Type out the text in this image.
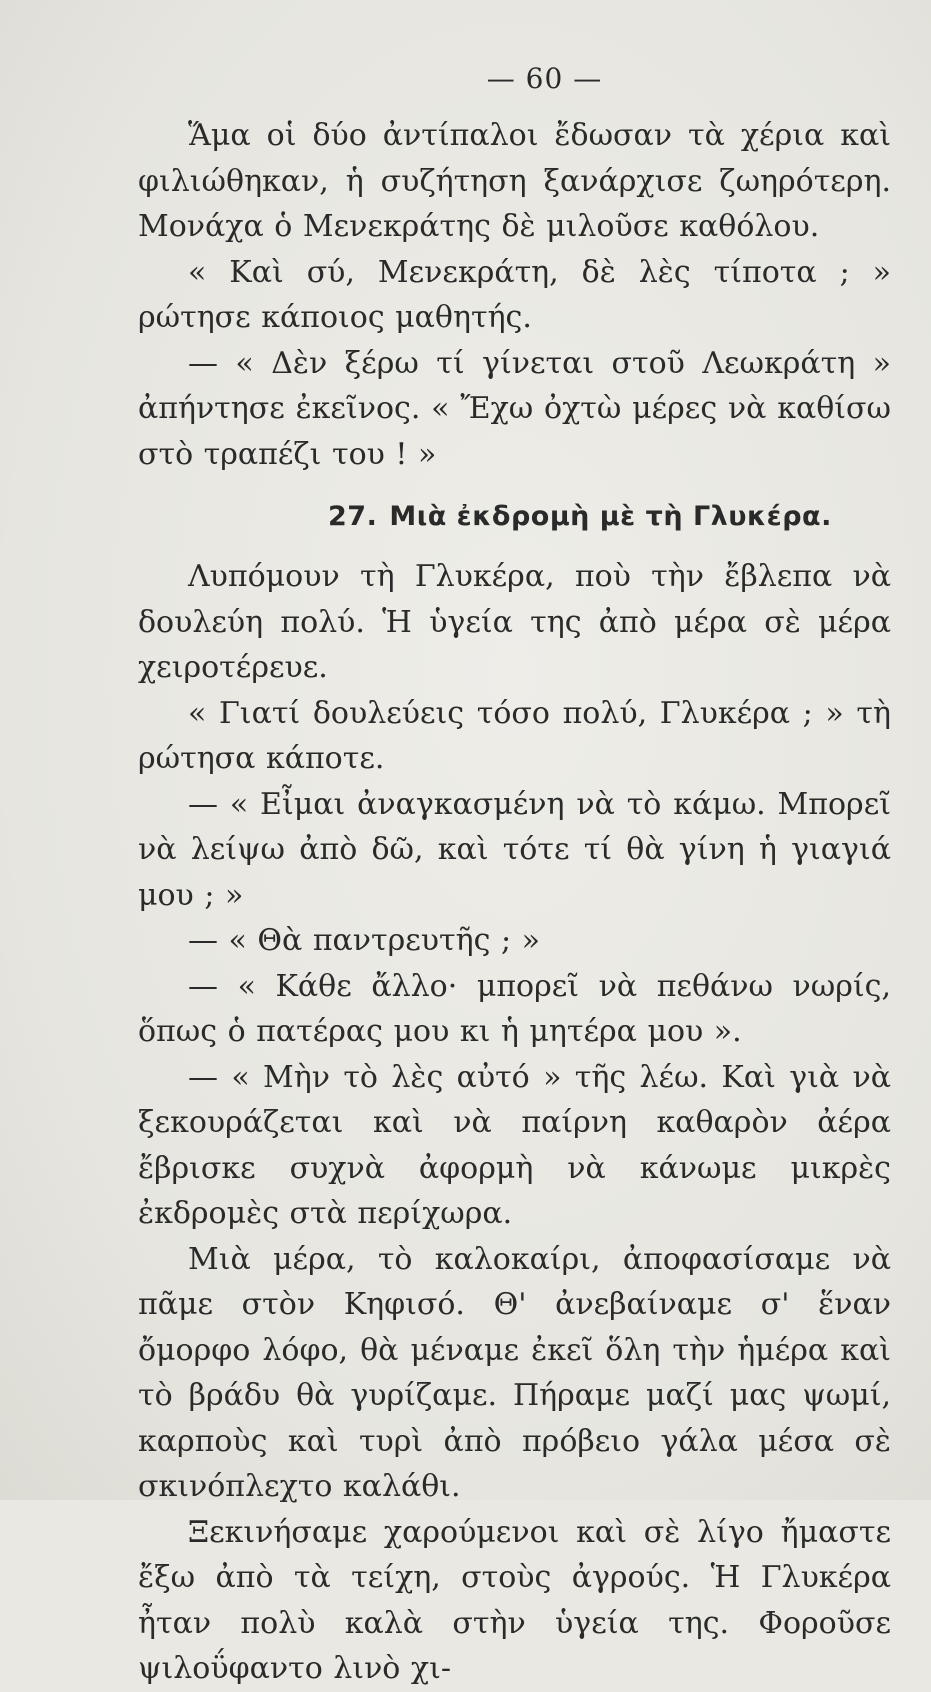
— 60 —

Ἅμα οἱ δύο ἀντίπαλοι ἔδωσαν τὰ χέρια καὶ φιλιώθηκαν, ἡ συζήτηση ξανάρχισε ζωηρότερη. Μονάχα ὁ Μενεκράτης δὲ μιλοῦσε καθόλου.

« Καὶ σύ, Μενεκράτη, δὲ λὲς τίποτα ; » ρώτησε κάποιος μαθητής.

— « Δὲν ξέρω τί γίνεται στοῦ Λεωκράτη » ἀπήντησε ἐκεῖνος. « Ἔχω ὀχτὼ μέρες νὰ καθίσω στὸ τραπέζι του ! »

27. Μιὰ ἐκδρομὴ μὲ τὴ Γλυκέρα.

Λυπόμουν τὴ Γλυκέρα, ποὺ τὴν ἔβλεπα νὰ δουλεύη πολύ. Ἡ ὑγεία της ἀπὸ μέρα σὲ μέρα χειροτέρευε.

« Γιατί δουλεύεις τόσο πολύ, Γλυκέρα ; » τὴ ρώτησα κάποτε.

— « Εἶμαι ἀναγκασμένη νὰ τὸ κάμω. Μπορεῖ νὰ λείψω ἀπὸ δῶ, καὶ τότε τί θὰ γίνη ἡ γιαγιά μου ; »

— « Θὰ παντρευτῆς ; »

— « Κάθε ἄλλο· μπορεῖ νὰ πεθάνω νωρίς, ὅπως ὁ πατέρας μου κι ἡ μητέρα μου ».

— « Μὴν τὸ λὲς αὐτό » τῆς λέω. Καὶ γιὰ νὰ ξεκουράζεται καὶ νὰ παίρνη καθαρὸν ἀέρα ἔβρισκε συχνὰ ἀφορμὴ νὰ κάνωμε μικρὲς ἐκδρομὲς στὰ περίχωρα.

Μιὰ μέρα, τὸ καλοκαίρι, ἀποφασίσαμε νὰ πᾶμε στὸν Κηφισό. Θ' ἀνεβαίναμε σ' ἕναν ὄμορφο λόφο, θὰ μέναμε ἐκεῖ ὅλη τὴν ἡμέρα καὶ τὸ βράδυ θὰ γυρίζαμε. Πήραμε μαζί μας ψωμί, καρποὺς καὶ τυρὶ ἀπὸ πρόβειο γάλα μέσα σὲ σκινόπλεχτο καλάθι.

Ξεκινήσαμε χαρούμενοι καὶ σὲ λίγο ἤμαστε ἔξω ἀπὸ τὰ τείχη, στοὺς ἀγρούς. Ἡ Γλυκέρα ἦταν πολὺ καλὰ στὴν ὑγεία της. Φοροῦσε ψιλοΰφαντο λινὸ χι-
